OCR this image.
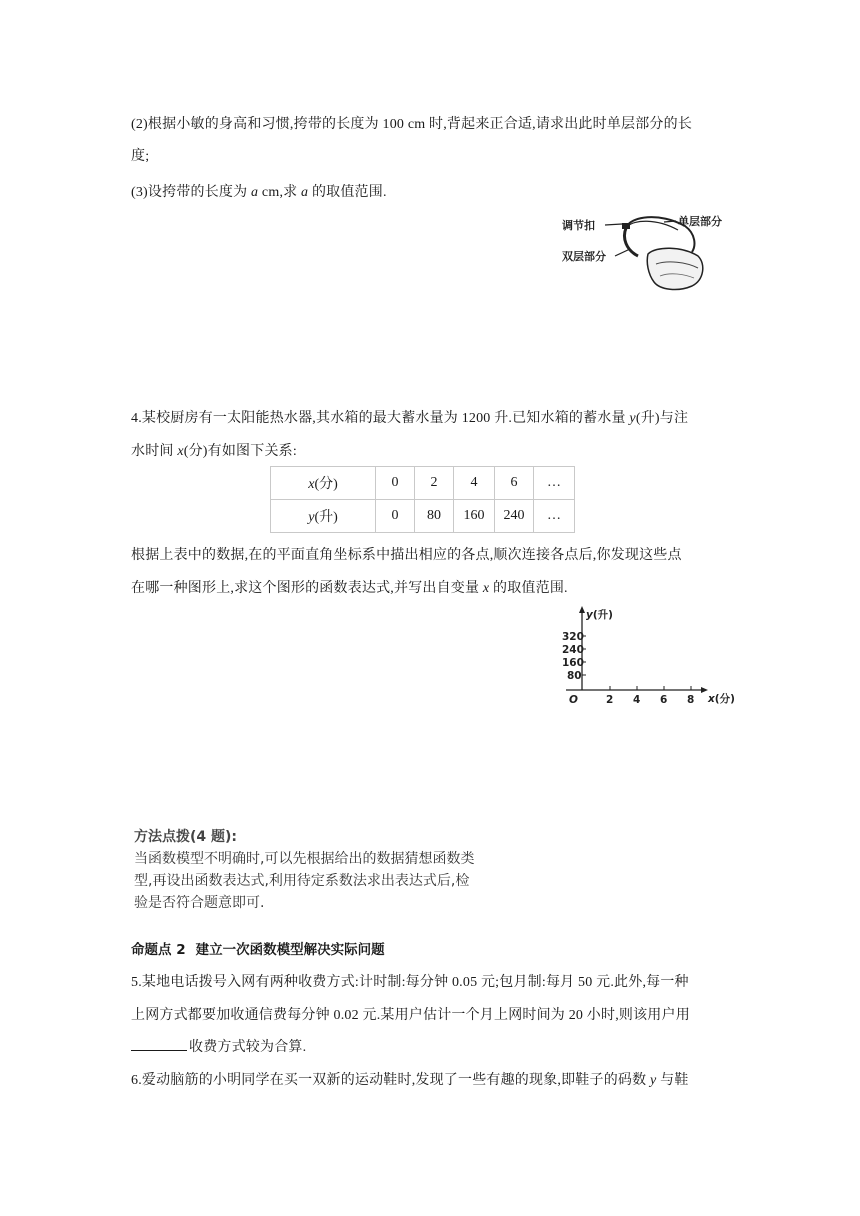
(2)根据小敏的身高和习惯,挎带的长度为 100 cm 时,背起来正合适,请求出此时单层部分的长
度;
(3)设挎带的长度为 a cm,求 a 的取值范围.
调节扣	单层部分
双层部分
4.某校厨房有一太阳能热水器,其水箱的最大蓄水量为 1200 升.已知水箱的蓄水量 y(升)与注
水时间 x(分)有如图下关系:
x(分)	0	2	4	6	…
y(升)	0	80	160	240	…
根据上表中的数据,在的平面直角坐标系中描出相应的各点,顺次连接各点后,你发现这些点
在哪一种图形上,求这个图形的函数表达式,并写出自变量 x 的取值范围.
y(升)
x(分)
O
320
240
160
80
2 4 6 8
方法点拨(4 题):
当函数模型不明确时,可以先根据给出的数据猜想函数类
型,再设出函数表达式,利用待定系数法求出表达式后,检
验是否符合题意即可.
命题点 2 建立一次函数模型解决实际问题
5.某地电话拨号入网有两种收费方式:计时制:每分钟 0.05 元;包月制:每月 50 元.此外,每一种
上网方式都要加收通信费每分钟 0.02 元.某用户估计一个月上网时间为 20 小时,则该用户用
收费方式较为合算.
6.爱动脑筋的小明同学在买一双新的运动鞋时,发现了一些有趣的现象,即鞋子的码数 y 与鞋
